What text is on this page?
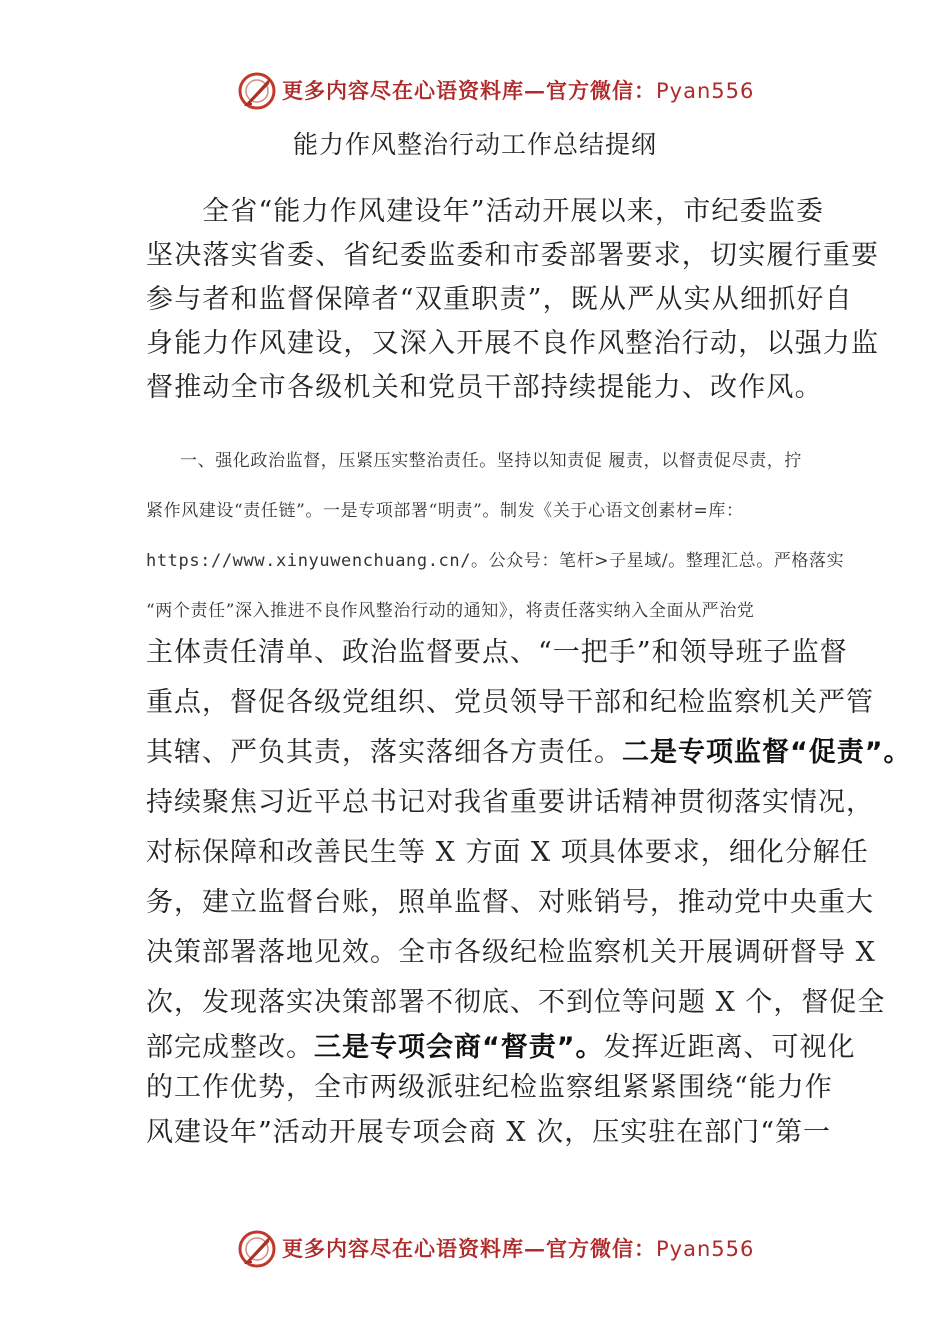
更多内容尽在心语资料库—官方微信：Pyan556
能力作风整治行动工作总结提纲
全省“能力作风建设年”活动开展以来，市纪委监委
坚决落实省委、省纪委监委和市委部署要求，切实履行重要
参与者和监督保障者“双重职责”，既从严从实从细抓好自
身能力作风建设，又深入开展不良作风整治行动，以强力监
督推动全市各级机关和党员干部持续提能力、改作风。
一、强化政治监督，压紧压实整治责任。坚持以知责促 履责，以督责促尽责，拧
紧作风建设“责任链”。一是专项部署“明责”。制发《关于心语文创素材=库：
https://www.xinyuwenchuang.cn/。公众号：笔杆>子星域/。整理汇总。严格落实
“两个责任”深入推进不良作风整治行动的通知》，将责任落实纳入全面从严治党
主体责任清单、政治监督要点、“一把手”和领导班子监督
重点，督促各级党组织、党员领导干部和纪检监察机关严管
其辖、严负其责，落实落细各方责任。二是专项监督“促责”。
持续聚焦习近平总书记对我省重要讲话精神贯彻落实情况，
对标保障和改善民生等 X 方面 X 项具体要求，细化分解任
务，建立监督台账，照单监督、对账销号，推动党中央重大
决策部署落地见效。全市各级纪检监察机关开展调研督导 X
次，发现落实决策部署不彻底、不到位等问题 X 个，督促全
部完成整改。三是专项会商“督责”。发挥近距离、可视化
的工作优势，全市两级派驻纪检监察组紧紧围绕“能力作
风建设年”活动开展专项会商 X 次，压实驻在部门“第一
更多内容尽在心语资料库—官方微信：Pyan556
